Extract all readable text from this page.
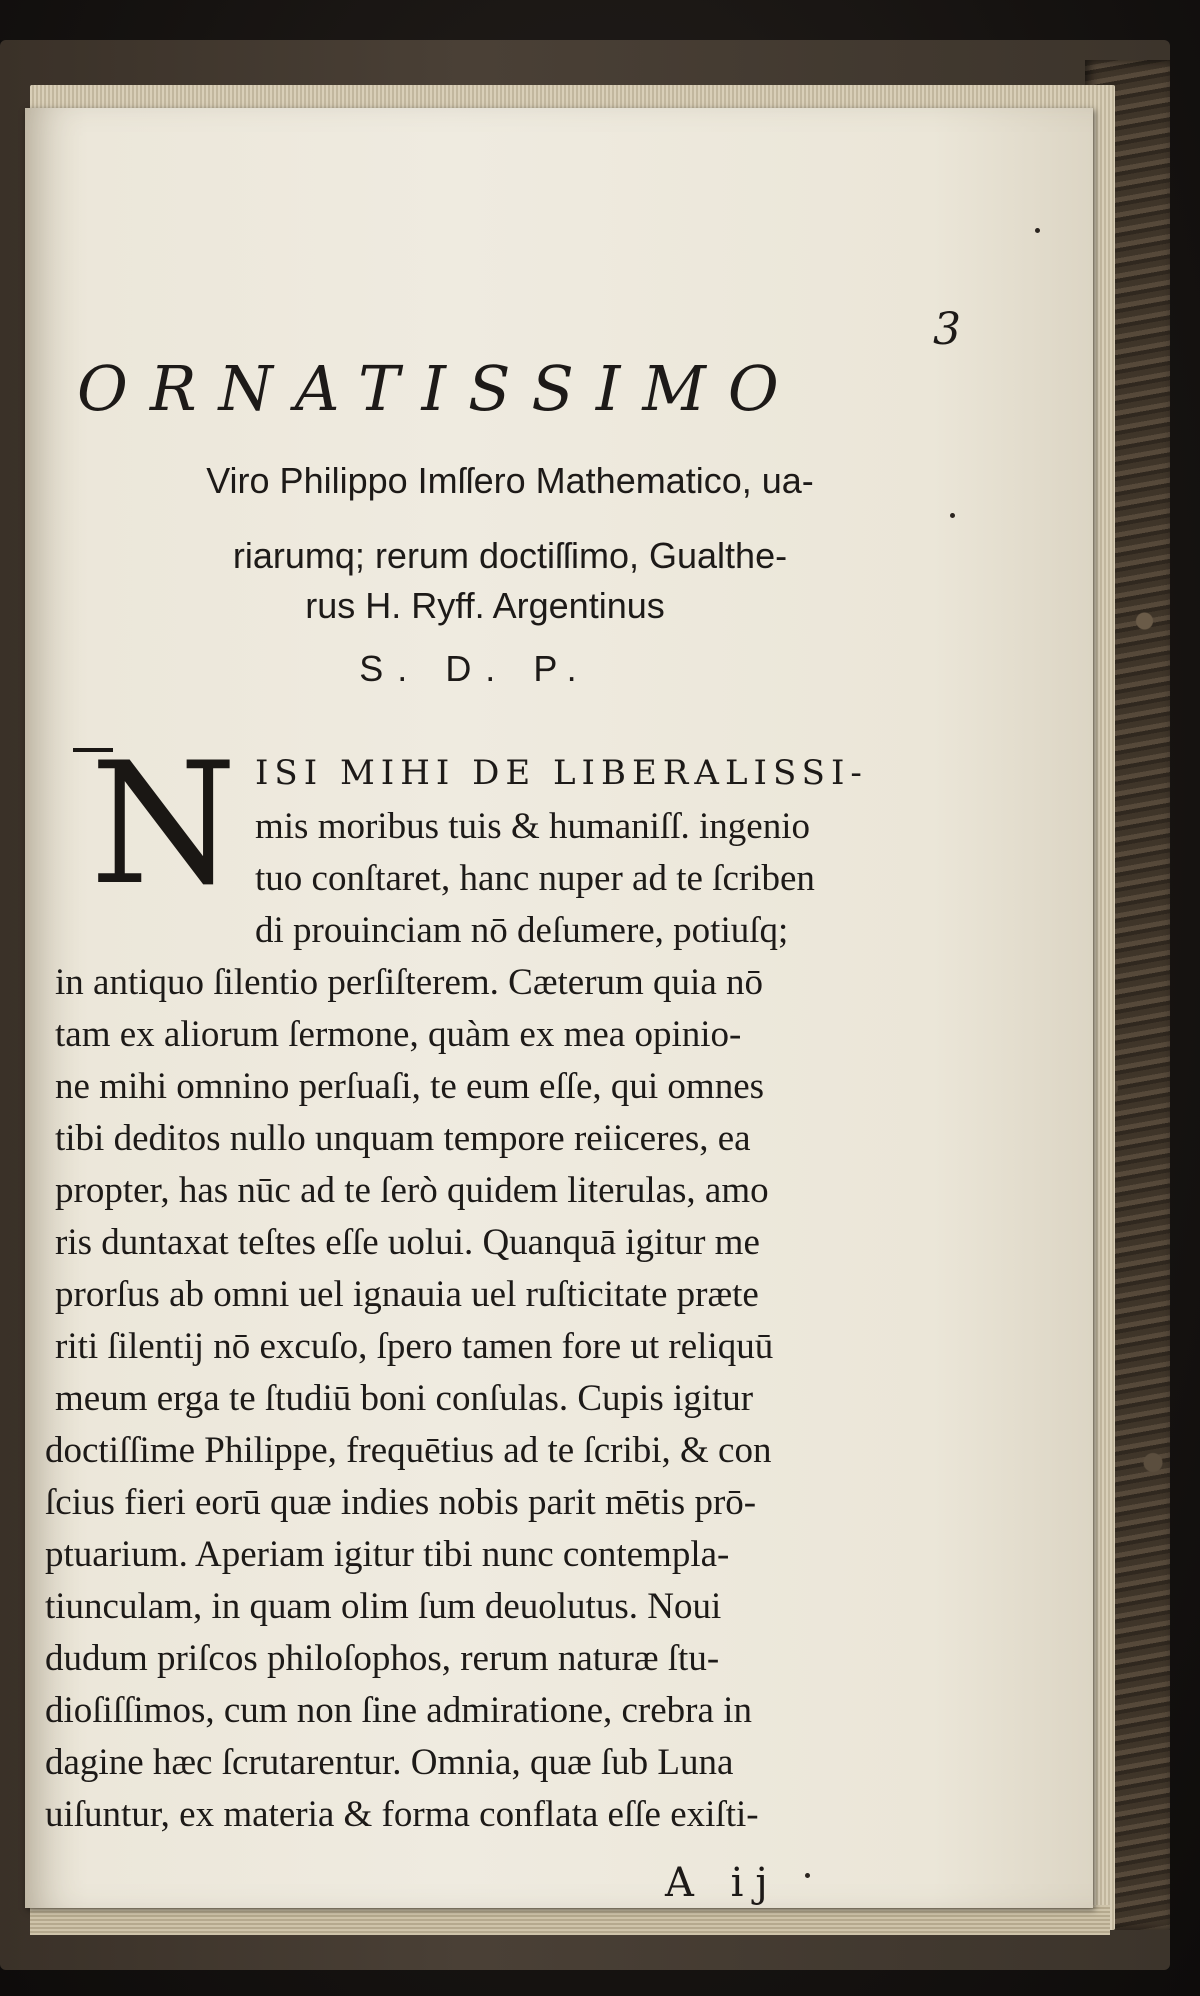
3
ORNATISSIMO
Viro Philippo Imſſero Mathematico, ua-
riarumq; rerum doctiſſimo, Gualthe-
rus H. Ryff. Argentinus
S. D. P.
N ISI MIHI DE LIBERALISSI-
mis moribus tuis & humaniſſ. ingenio
tuo conſtaret, hanc nuper ad te ſcriben
di prouinciam nō deſumere, potiuſq;
in antiquo ſilentio perſiſterem. Cæterum quia nō
tam ex aliorum ſermone, quàm ex mea opinio-
ne mihi omnino perſuaſi, te eum eſſe, qui omnes
tibi deditos nullo unquam tempore reiiceres, ea
propter, has nūc ad te ſerò quidem literulas, amo
ris duntaxat teſtes eſſe uolui. Quanquā igitur me
prorſus ab omni uel ignauia uel ruſticitate præte
riti ſilentij nō excuſo, ſpero tamen fore ut reliquū
meum erga te ſtudiū boni conſulas. Cupis igitur
doctiſſime Philippe, frequētius ad te ſcribi, & con
ſcius fieri eorū quæ indies nobis parit mētis prō-
ptuarium. Aperiam igitur tibi nunc contempla-
tiunculam, in quam olim ſum deuolutus. Noui
dudum priſcos philoſophos, rerum naturæ ſtu-
dioſiſſimos, cum non ſine admiratione, crebra in
dagine hæc ſcrutarentur. Omnia, quæ ſub Luna
uiſuntur, ex materia & forma conflata eſſe exiſti-
A ij
